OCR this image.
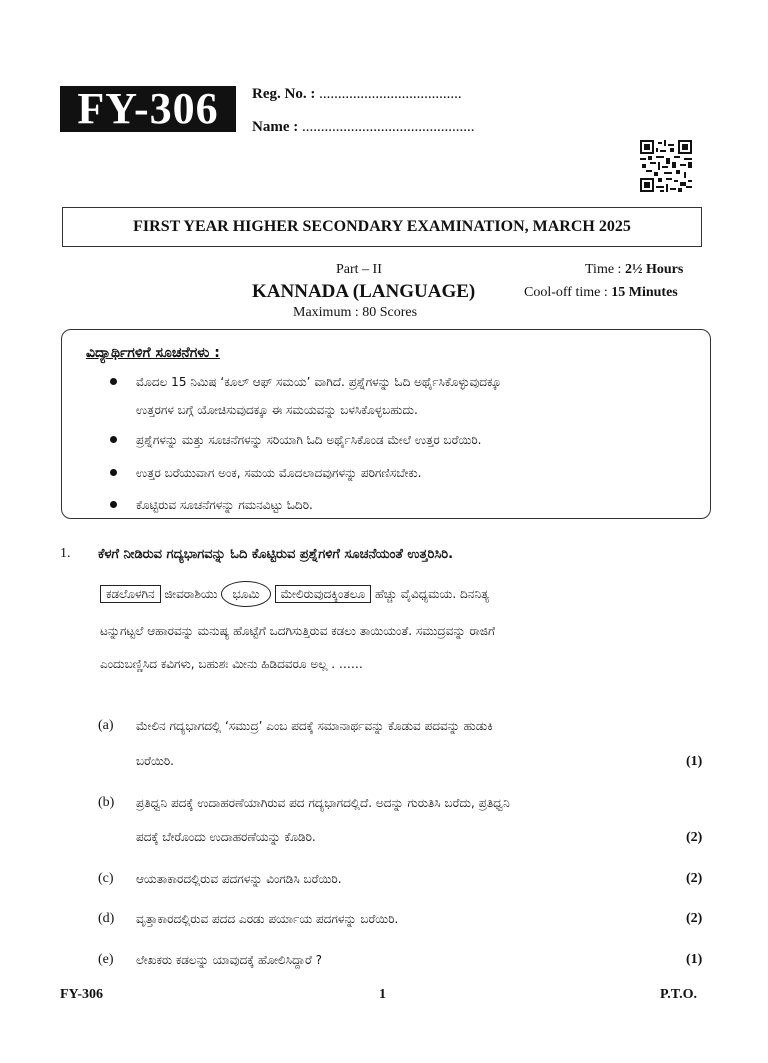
FY-306	Reg. No. : ......................................
Name : ..............................................
FIRST YEAR HIGHER SECONDARY EXAMINATION, MARCH 2025
Part – II
KANNADA (LANGUAGE)
Maximum : 80 Scores
Time : 2½ Hours
Cool-off time : 15 Minutes
ವಿದ್ಯಾರ್ಥಿಗಳಿಗೆ ಸೂಚನೆಗಳು :
ಮೊದಲ 15 ನಿಮಿಷ ‘ಕೂಲ್ ಆಫ್ ಸಮಯ’ ವಾಗಿದೆ. ಪ್ರಶ್ನೆಗಳನ್ನು ಓದಿ ಅರ್ಥೈಸಿಕೊಳ್ಳುವುದಕ್ಕೂ
ಉತ್ತರಗಳ ಬಗ್ಗೆ ಯೋಚಿಸುವುದಕ್ಕೂ ಈ ಸಮಯವನ್ನು ಬಳಸಿಕೊಳ್ಳಬಹುದು.
ಪ್ರಶ್ನೆಗಳನ್ನು ಮತ್ತು ಸೂಚನೆಗಳನ್ನು ಸರಿಯಾಗಿ ಓದಿ ಅರ್ಥೈಸಿಕೊಂಡ ಮೇಲೆ ಉತ್ತರ ಬರೆಯಿರಿ.
ಉತ್ತರ ಬರೆಯುವಾಗ ಅಂಕ, ಸಮಯ ಮೊದಲಾದವುಗಳನ್ನು ಪರಿಗಣಿಸಬೇಕು.
ಕೊಟ್ಟಿರುವ ಸೂಚನೆಗಳನ್ನು ಗಮನವಿಟ್ಟು ಓದಿರಿ.
1. ಕೆಳಗೆ ನೀಡಿರುವ ಗದ್ಯಭಾಗವನ್ನು ಓದಿ ಕೊಟ್ಟಿರುವ ಪ್ರಶ್ನೆಗಳಿಗೆ ಸೂಚನೆಯಂತೆ ಉತ್ತರಿಸಿರಿ.
ಕಡಲೊಳಗಿನ ಜೀವರಾಶಿಯು ಭೂಮಿ ಮೇಲಿರುವುದಕ್ಕಿಂತಲೂ ಹೆಚ್ಚು ವೈವಿಧ್ಯಮಯ. ದಿನನಿತ್ಯ
ಟನ್ನುಗಟ್ಟಲೆ ಆಹಾರವನ್ನು ಮನುಷ್ಯ ಹೊಟ್ಟೆಗೆ ಒದಗಿಸುತ್ತಿರುವ ಕಡಲು ತಾಯಿಯಂತೆ. ಸಮುದ್ರವನ್ನು ರಾಜಿಗೆ
ಎಂದುಬಣ್ಣಿಸಿದ ಕವಿಗಳು, ಬಹುಶಃ ಮೀನು ಹಿಡಿದವರೂ ಅಲ್ಲ . ……
(a) ಮೇಲಿನ ಗದ್ಯಭಾಗದಲ್ಲಿ ‘ಸಮುದ್ರ’ ಎಂಬ ಪದಕ್ಕೆ ಸಮಾನಾರ್ಥವನ್ನು ಕೊಡುವ ಪದವನ್ನು ಹುಡುಕಿ
ಬರೆಯಿರಿ.	(1)
(b) ಪ್ರತಿಧ್ವನಿ ಪದಕ್ಕೆ ಉದಾಹರಣೆಯಾಗಿರುವ ಪದ ಗದ್ಯಭಾಗದಲ್ಲಿದೆ. ಅದನ್ನು ಗುರುತಿಸಿ ಬರೆದು, ಪ್ರತಿಧ್ವನಿ
ಪದಕ್ಕೆ ಬೇರೊಂದು ಉದಾಹರಣೆಯನ್ನು ಕೊಡಿರಿ.	(2)
(c) ಆಯತಾಕಾರದಲ್ಲಿರುವ ಪದಗಳನ್ನು ವಿಂಗಡಿಸಿ ಬರೆಯಿರಿ.	(2)
(d) ವೃತ್ತಾಕಾರದಲ್ಲಿರುವ ಪದದ ಎರಡು ಪರ್ಯಾಯ ಪದಗಳನ್ನು ಬರೆಯಿರಿ.	(2)
(e) ಲೇಖಕರು ಕಡಲನ್ನು ಯಾವುದಕ್ಕೆ ಹೋಲಿಸಿದ್ದಾರೆ ?	(1)
FY-306	1	P.T.O.
